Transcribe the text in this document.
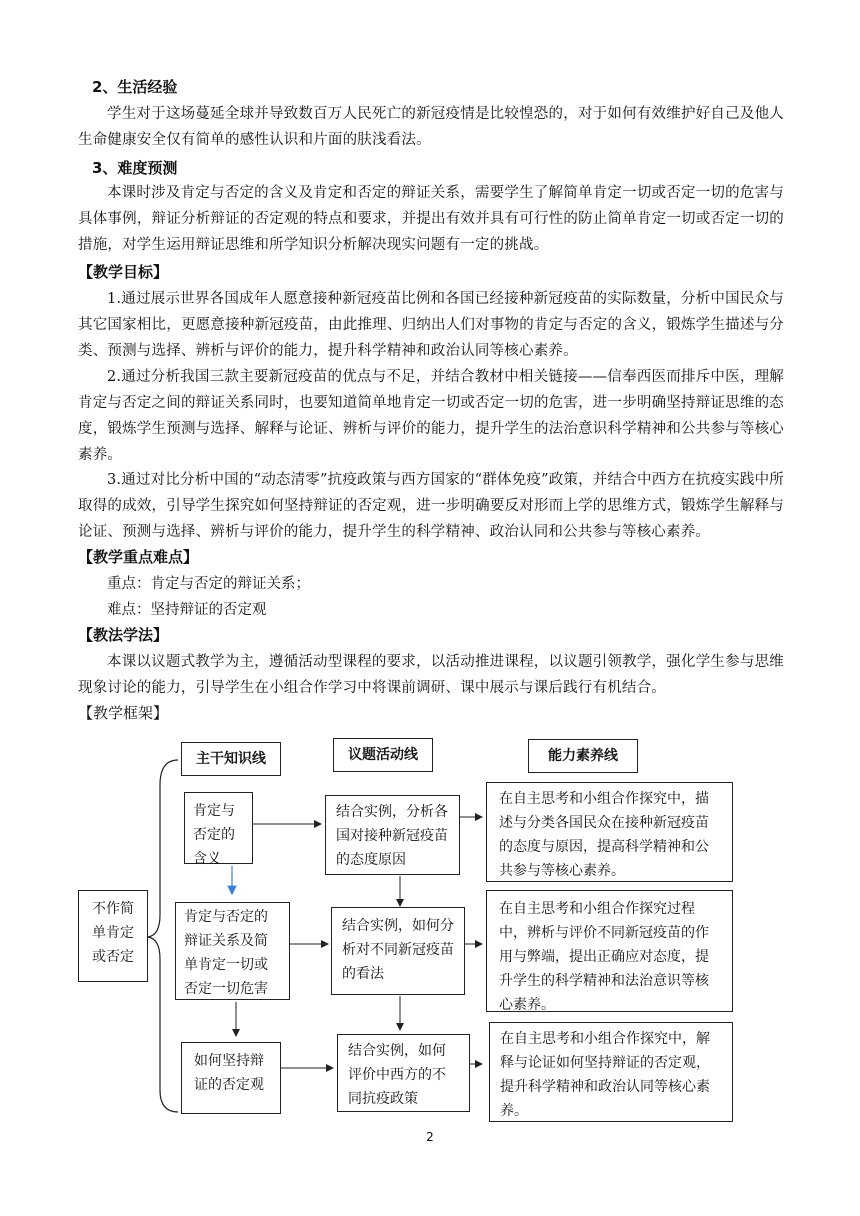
2、生活经验
学生对于这场蔓延全球并导致数百万人民死亡的新冠疫情是比较惶恐的，对于如何有效维护好自己及他人生命健康安全仅有简单的感性认识和片面的肤浅看法。
3、难度预测
本课时涉及肯定与否定的含义及肯定和否定的辩证关系，需要学生了解简单肯定一切或否定一切的危害与具体事例，辩证分析辩证的否定观的特点和要求，并提出有效并具有可行性的防止简单肯定一切或否定一切的措施，对学生运用辩证思维和所学知识分析解决现实问题有一定的挑战。
【教学目标】
1.通过展示世界各国成年人愿意接种新冠疫苗比例和各国已经接种新冠疫苗的实际数量，分析中国民众与其它国家相比，更愿意接种新冠疫苗，由此推理、归纳出人们对事物的肯定与否定的含义，锻炼学生描述与分类、预测与选择、辨析与评价的能力，提升科学精神和政治认同等核心素养。
2.通过分析我国三款主要新冠疫苗的优点与不足，并结合教材中相关链接——信奉西医而排斥中医，理解肯定与否定之间的辩证关系同时，也要知道简单地肯定一切或否定一切的危害，进一步明确坚持辩证思维的态度，锻炼学生预测与选择、解释与论证、辨析与评价的能力，提升学生的法治意识科学精神和公共参与等核心素养。
3.通过对比分析中国的“动态清零”抗疫政策与西方国家的“群体免疫”政策，并结合中西方在抗疫实践中所取得的成效，引导学生探究如何坚持辩证的否定观，进一步明确要反对形而上学的思维方式，锻炼学生解释与论证、预测与选择、辨析与评价的能力，提升学生的科学精神、政治认同和公共参与等核心素养。
【教学重点难点】
重点：肯定与否定的辩证关系；
难点：坚持辩证的否定观
【教法学法】
本课以议题式教学为主，遵循活动型课程的要求，以活动推进课程，以议题引领教学，强化学生参与思维现象讨论的能力，引导学生在小组合作学习中将课前调研、课中展示与课后践行有机结合。
【教学框架】
主干知识线	议题活动线	能力素养线
不作简单肯定或否定
肯定与否定的含义
肯定与否定的辩证关系及简单肯定一切或否定一切危害
如何坚持辩证的否定观
结合实例，分析各国对接种新冠疫苗的态度原因
结合实例，如何分析对不同新冠疫苗的看法
结合实例，如何评价中西方的不同抗疫政策
在自主思考和小组合作探究中，描述与分类各国民众在接种新冠疫苗的态度与原因，提高科学精神和公共参与等核心素养。
在自主思考和小组合作探究过程中，辨析与评价不同新冠疫苗的作用与弊端，提出正确应对态度，提升学生的科学精神和法治意识等核心素养。
在自主思考和小组合作探究中，解释与论证如何坚持辩证的否定观，提升科学精神和政治认同等核心素养。
2
